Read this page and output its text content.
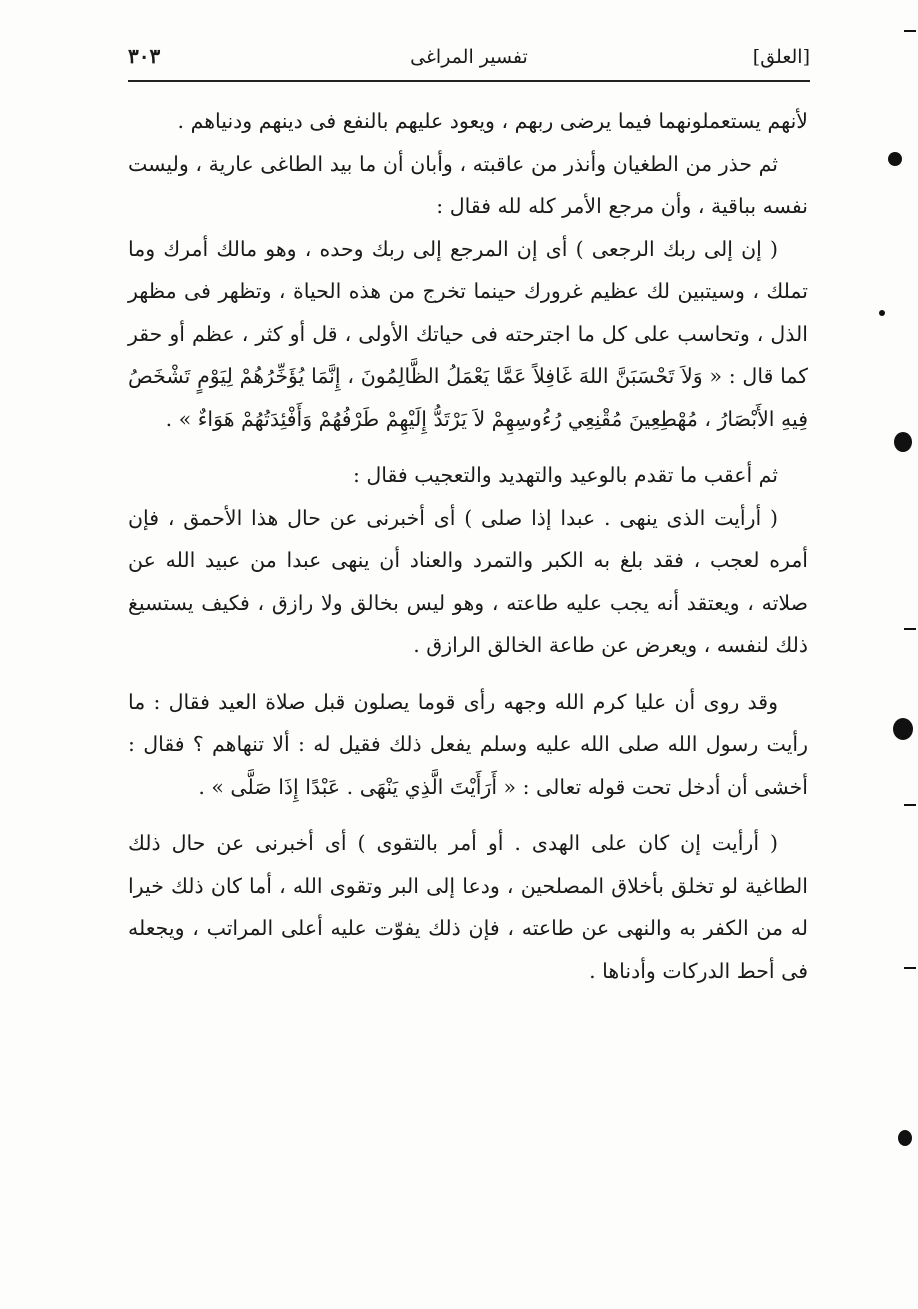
[العلق]
تفسير المراغى
٣٠٣

لأنهم يستعملونهما فيما يرضى ربهم ، ويعود عليهم بالنفع فى دينهم ودنياهم .

ثم حذر من الطغيان وأنذر من عاقبته ، وأبان أن ما بيد الطاغى عارية ، وليست نفسه بباقية ، وأن مرجع الأمر كله لله فقال :

( إن إلى ربك الرجعى ) أى إن المرجع إلى ربك وحده ، وهو مالك أمرك وما تملك ، وسيتبين لك عظيم غرورك حينما تخرج من هذه الحياة ، وتظهر فى مظهر الذل ، وتحاسب على كل ما اجترحته فى حياتك الأولى ، قل أو كثر ، عظم أو حقر كما قال : « وَلاَ تَحْسَبَنَّ اللهَ غَافِلاً عَمَّا يَعْمَلُ الظَّالِمُونَ ، إِنَّمَا يُؤَخِّرُهُمْ لِيَوْمٍ تَشْخَصُ فِيهِ الأَبْصَارُ ، مُهْطِعِينَ مُقْنِعِي رُءُوسِهِمْ لاَ يَرْتَدُّ إِلَيْهِمْ طَرْفُهُمْ وَأَفْئِدَتُهُمْ هَوَاءٌ » .

ثم أعقب ما تقدم بالوعيد والتهديد والتعجيب فقال :

( أرأيت الذى ينهى . عبدا إذا صلى ) أى أخبرنى عن حال هذا الأحمق ، فإن أمره لعجب ، فقد بلغ به الكبر والتمرد والعناد أن ينهى عبدا من عبيد الله عن صلاته ، ويعتقد أنه يجب عليه طاعته ، وهو ليس بخالق ولا رازق ، فكيف يستسيغ ذلك لنفسه ، ويعرض عن طاعة الخالق الرازق .

وقد روى أن عليا كرم الله وجهه رأى قوما يصلون قبل صلاة العيد فقال : ما رأيت رسول الله صلى الله عليه وسلم يفعل ذلك فقيل له : ألا تنهاهم ؟ فقال : أخشى أن أدخل تحت قوله تعالى : « أَرَأَيْتَ الَّذِي يَنْهَى . عَبْدًا إِذَا صَلَّى » .

( أرأيت إن كان على الهدى . أو أمر بالتقوى ) أى أخبرنى عن حال ذلك الطاغية لو تخلق بأخلاق المصلحين ، ودعا إلى البر وتقوى الله ، أما كان ذلك خيرا له من الكفر به والنهى عن طاعته ، فإن ذلك يفوّت عليه أعلى المراتب ، ويجعله فى أحط الدركات وأدناها .
